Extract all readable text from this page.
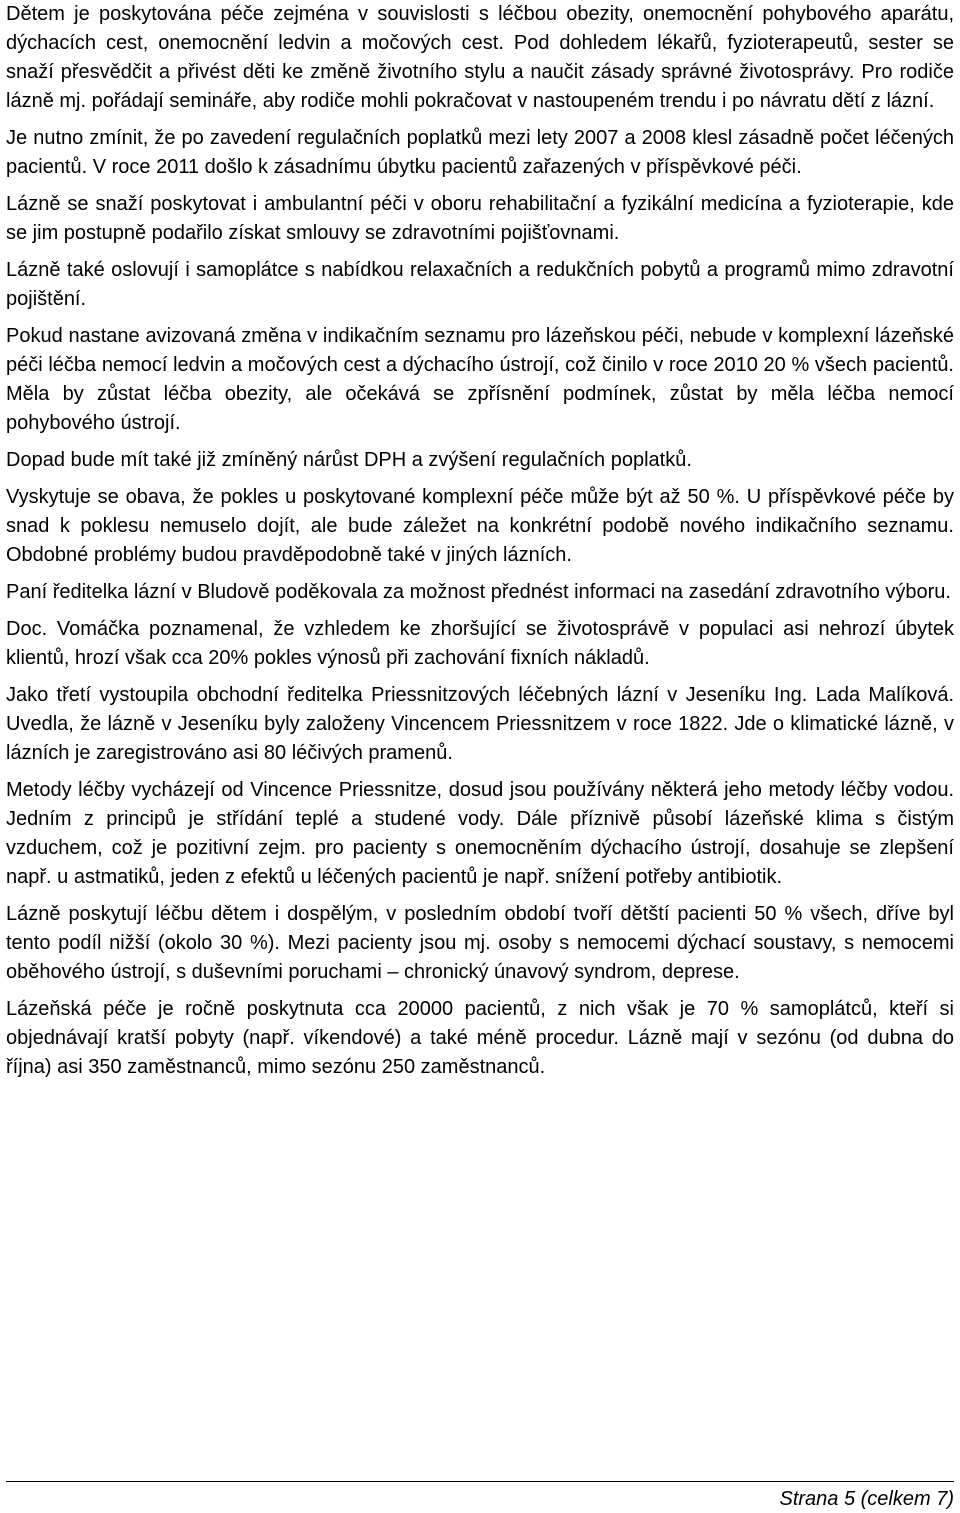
Dětem je poskytována péče zejména v souvislosti s léčbou obezity, onemocnění pohybového aparátu, dýchacích cest, onemocnění ledvin a močových cest. Pod dohledem lékařů, fyzioterapeutů, sester se snaží přesvědčit a přivést děti ke změně životního stylu a naučit zásady správné životosprávy. Pro rodiče lázně mj. pořádají semináře, aby rodiče mohli pokračovat v nastoupeném trendu i po návratu dětí z lázní.

Je nutno zmínit, že po zavedení regulačních poplatků mezi lety 2007 a 2008 klesl zásadně počet léčených pacientů. V roce 2011 došlo k zásadnímu úbytku pacientů zařazených v příspěvkové péči.

Lázně se snaží poskytovat i ambulantní péči v oboru rehabilitační a fyzikální medicína a fyzioterapie, kde se jim postupně podařilo získat smlouvy se zdravotními pojišťovnami.

Lázně také oslovují i samoplátce s nabídkou relaxačních a redukčních pobytů a programů mimo zdravotní pojištění.

Pokud nastane avizovaná změna v indikačním seznamu pro lázeňskou péči, nebude v komplexní lázeňské péči léčba nemocí ledvin a močových cest a dýchacího ústrojí, což činilo v roce 2010 20 % všech pacientů. Měla by zůstat léčba obezity, ale očekává se zpřísnění podmínek, zůstat by měla léčba nemocí pohybového ústrojí.

Dopad bude mít také již zmíněný nárůst DPH a zvýšení regulačních poplatků.

Vyskytuje se obava, že pokles u poskytované komplexní péče může být až 50 %. U příspěvkové péče by snad k poklesu nemuselo dojít, ale bude záležet na konkrétní podobě nového indikačního seznamu. Obdobné problémy budou pravděpodobně také v jiných lázních.

Paní ředitelka lázní v Bludově poděkovala za možnost přednést informaci na zasedání zdravotního výboru.

Doc. Vomáčka poznamenal, že vzhledem ke zhoršující se životosprávě v populaci asi nehrozí úbytek klientů, hrozí však cca 20% pokles výnosů při zachování fixních nákladů.

Jako třetí vystoupila obchodní ředitelka Priessnitzových léčebných lázní v Jeseníku Ing. Lada Malíková. Uvedla, že lázně v Jeseníku byly založeny Vincencem Priessnitzem v roce 1822. Jde o klimatické lázně, v lázních je zaregistrováno asi 80 léčivých pramenů.

Metody léčby vycházejí od Vincence Priessnitze, dosud jsou používány některá jeho metody léčby vodou. Jedním z principů je střídání teplé a studené vody. Dále příznivě působí lázeňské klima s čistým vzduchem, což je pozitivní zejm. pro pacienty s onemocněním dýchacího ústrojí, dosahuje se zlepšení např. u astmatiků, jeden z efektů u léčených pacientů je např. snížení potřeby antibiotik.

Lázně poskytují léčbu dětem i dospělým, v posledním období tvoří dětští pacienti 50 % všech, dříve byl tento podíl nižší (okolo 30 %). Mezi pacienty jsou mj. osoby s nemocemi dýchací soustavy, s nemocemi oběhového ústrojí, s duševními poruchami – chronický únavový syndrom, deprese.

Lázeňská péče je ročně poskytnuta cca 20000 pacientů, z nich však je 70 % samoplátců, kteří si objednávají kratší pobyty (např. víkendové) a také méně procedur. Lázně mají v sezónu (od dubna do října) asi 350 zaměstnanců, mimo sezónu 250 zaměstnanců.

Strana 5 (celkem 7)
